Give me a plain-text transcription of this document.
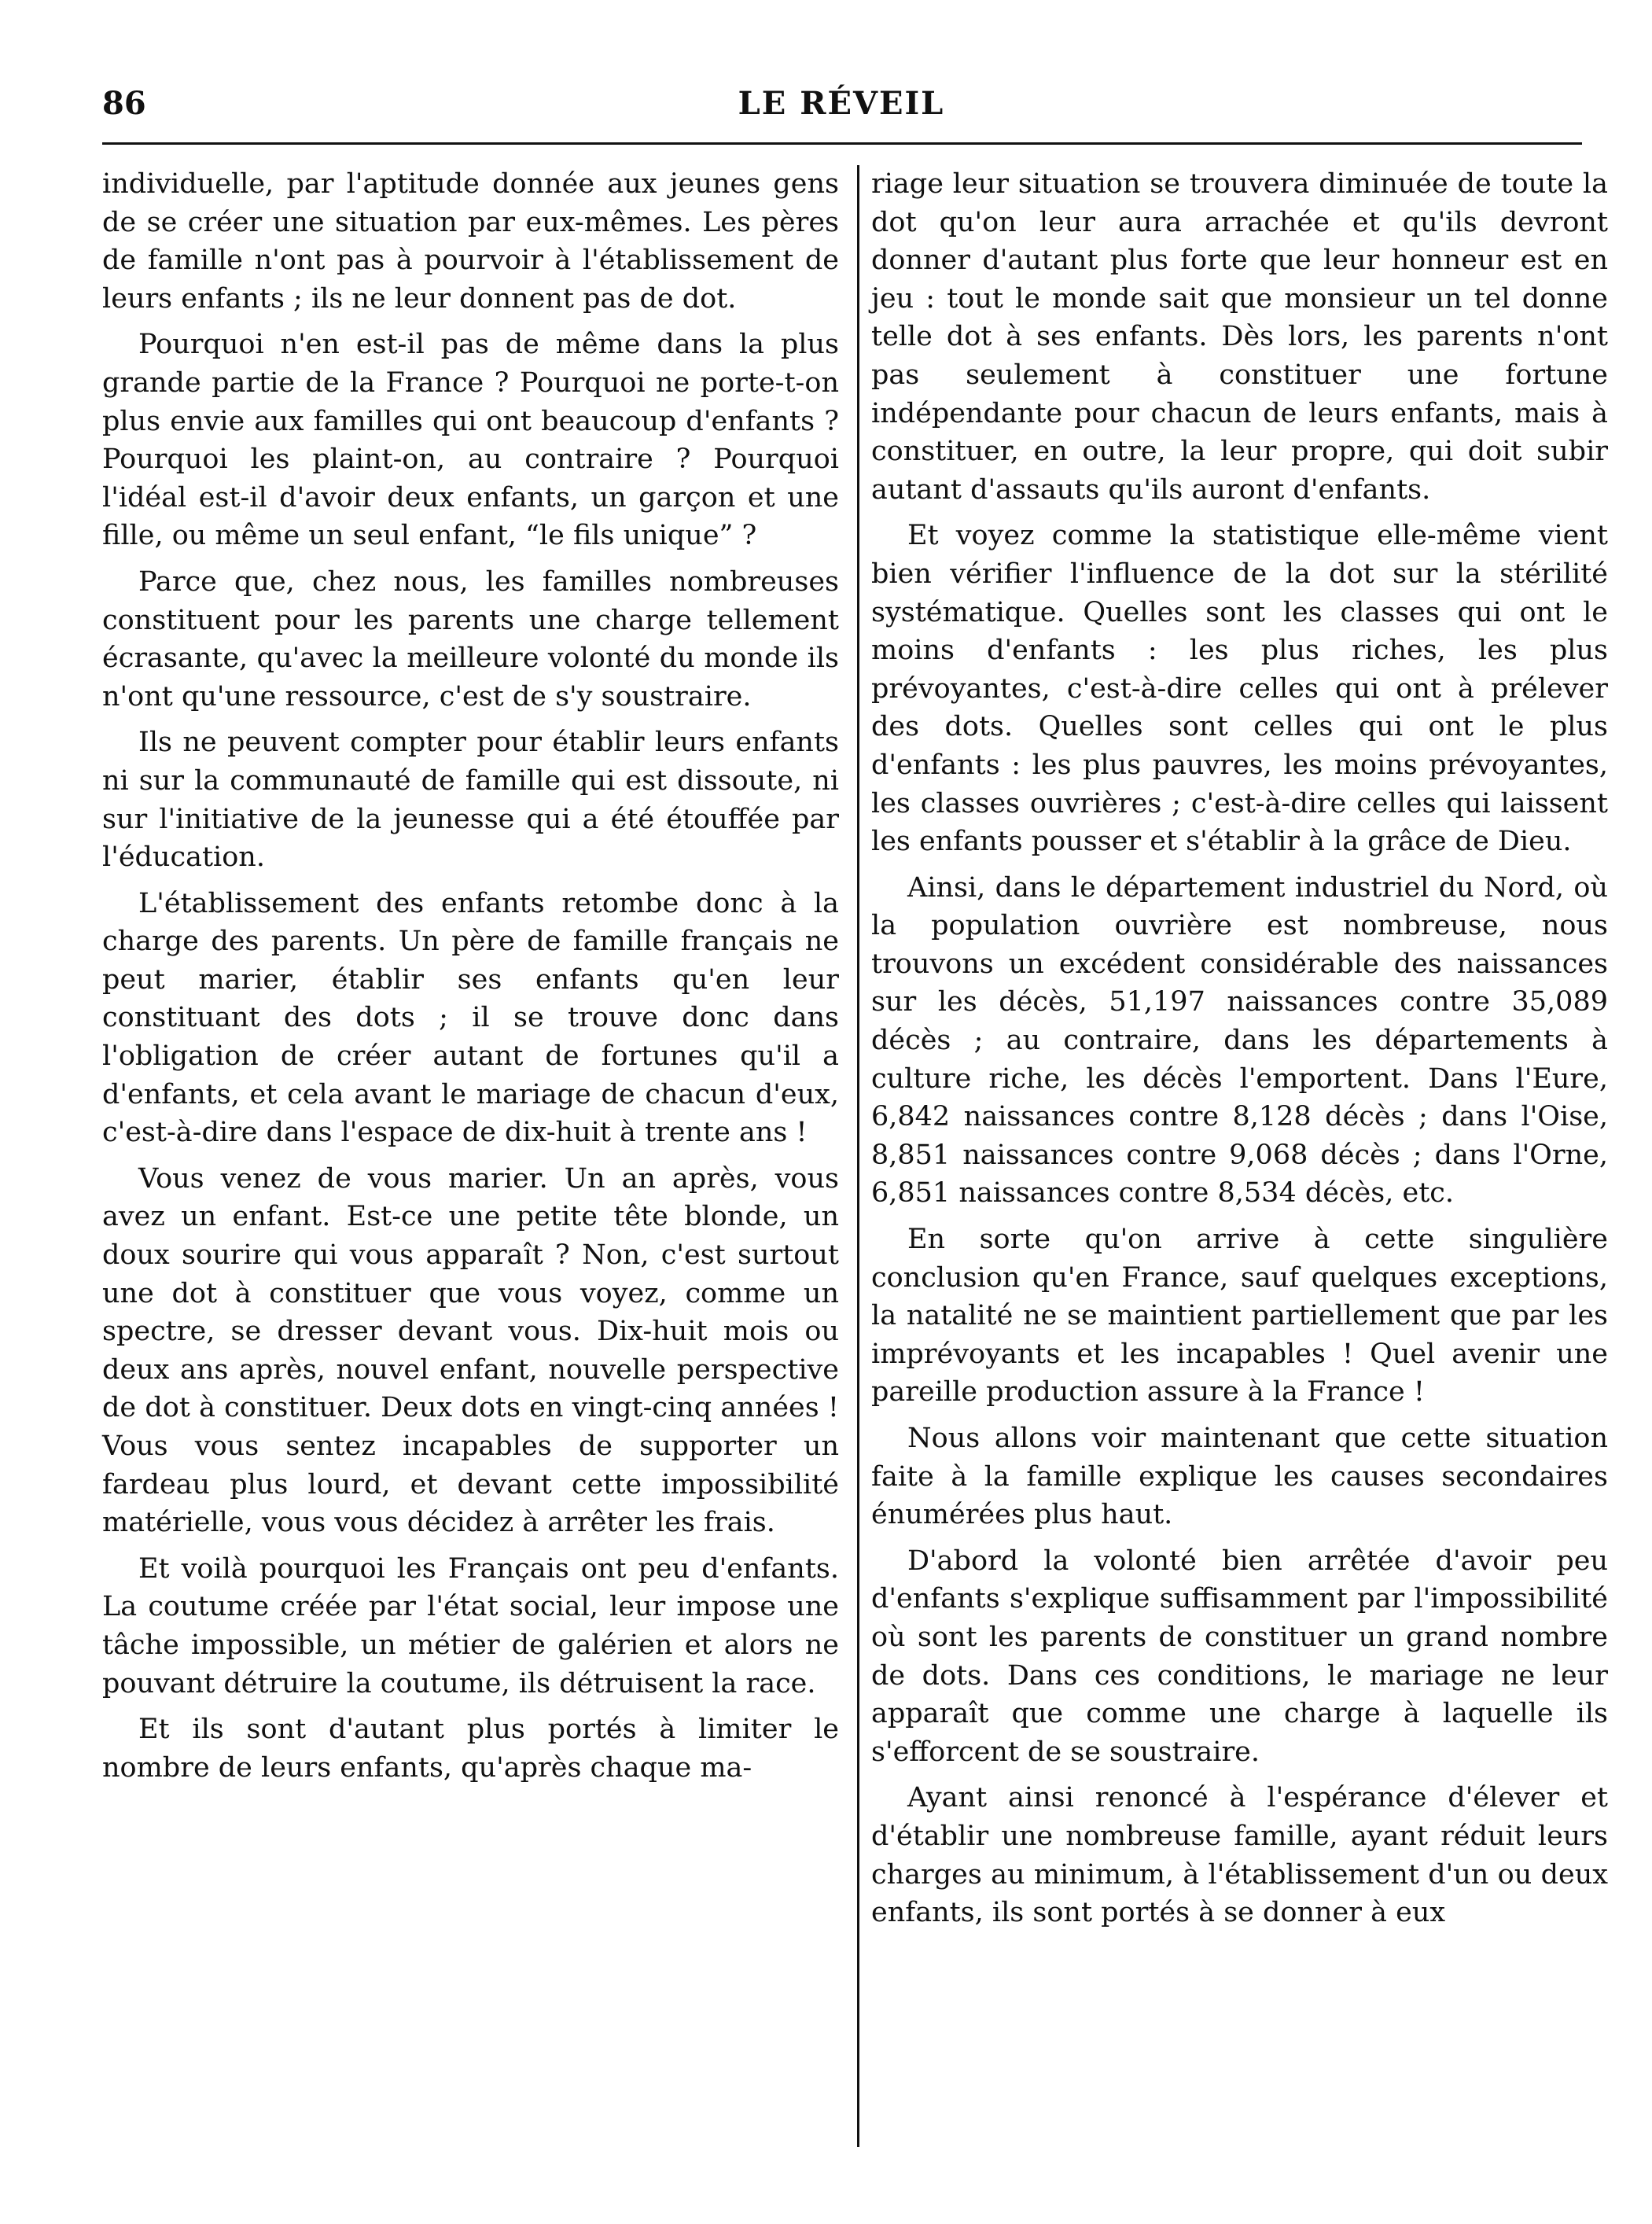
86	LE RÉVEIL

individuelle, par l'aptitude donnée aux jeunes gens de se créer une situation par eux-mêmes. Les pères de famille n'ont pas à pourvoir à l'établissement de leurs enfants ; ils ne leur donnent pas de dot.

Pourquoi n'en est-il pas de même dans la plus grande partie de la France ? Pourquoi ne porte-t-on plus envie aux familles qui ont beaucoup d'enfants ? Pourquoi les plaint-on, au contraire ? Pourquoi l'idéal est-il d'avoir deux enfants, un garçon et une fille, ou même un seul enfant, “le fils unique” ?

Parce que, chez nous, les familles nombreuses constituent pour les parents une charge tellement écrasante, qu'avec la meilleure volonté du monde ils n'ont qu'une ressource, c'est de s'y soustraire.

Ils ne peuvent compter pour établir leurs enfants ni sur la communauté de famille qui est dissoute, ni sur l'initiative de la jeunesse qui a été étouffée par l'éducation.

L'établissement des enfants retombe donc à la charge des parents. Un père de famille français ne peut marier, établir ses enfants qu'en leur constituant des dots ; il se trouve donc dans l'obligation de créer autant de fortunes qu'il a d'enfants, et cela avant le mariage de chacun d'eux, c'est-à-dire dans l'espace de dix-huit à trente ans !

Vous venez de vous marier. Un an après, vous avez un enfant. Est-ce une petite tête blonde, un doux sourire qui vous apparaît ? Non, c'est surtout une dot à constituer que vous voyez, comme un spectre, se dresser devant vous. Dix-huit mois ou deux ans après, nouvel enfant, nouvelle perspective de dot à constituer. Deux dots en vingt-cinq années ! Vous vous sentez incapables de supporter un fardeau plus lourd, et devant cette impossibilité matérielle, vous vous décidez à arrêter les frais.

Et voilà pourquoi les Français ont peu d'enfants. La coutume créée par l'état social, leur impose une tâche impossible, un métier de galérien et alors ne pouvant détruire la coutume, ils détruisent la race.

Et ils sont d'autant plus portés à limiter le nombre de leurs enfants, qu'après chaque ma-

riage leur situation se trouvera diminuée de toute la dot qu'on leur aura arrachée et qu'ils devront donner d'autant plus forte que leur honneur est en jeu : tout le monde sait que monsieur un tel donne telle dot à ses enfants. Dès lors, les parents n'ont pas seulement à constituer une fortune indépendante pour chacun de leurs enfants, mais à constituer, en outre, la leur propre, qui doit subir autant d'assauts qu'ils auront d'enfants.

Et voyez comme la statistique elle-même vient bien vérifier l'influence de la dot sur la stérilité systématique. Quelles sont les classes qui ont le moins d'enfants : les plus riches, les plus prévoyantes, c'est-à-dire celles qui ont à prélever des dots. Quelles sont celles qui ont le plus d'enfants : les plus pauvres, les moins prévoyantes, les classes ouvrières ; c'est-à-dire celles qui laissent les enfants pousser et s'établir à la grâce de Dieu.

Ainsi, dans le département industriel du Nord, où la population ouvrière est nombreuse, nous trouvons un excédent considérable des naissances sur les décès, 51,197 naissances contre 35,089 décès ; au contraire, dans les départements à culture riche, les décès l'emportent. Dans l'Eure, 6,842 naissances contre 8,128 décès ; dans l'Oise, 8,851 naissances contre 9,068 décès ; dans l'Orne, 6,851 naissances contre 8,534 décès, etc.

En sorte qu'on arrive à cette singulière conclusion qu'en France, sauf quelques exceptions, la natalité ne se maintient partiellement que par les imprévoyants et les incapables ! Quel avenir une pareille production assure à la France !

Nous allons voir maintenant que cette situation faite à la famille explique les causes secondaires énumérées plus haut.

D'abord la volonté bien arrêtée d'avoir peu d'enfants s'explique suffisamment par l'impossibilité où sont les parents de constituer un grand nombre de dots. Dans ces conditions, le mariage ne leur apparaît que comme une charge à laquelle ils s'efforcent de se soustraire.

Ayant ainsi renoncé à l'espérance d'élever et d'établir une nombreuse famille, ayant réduit leurs charges au minimum, à l'établissement d'un ou deux enfants, ils sont portés à se donner à eux
